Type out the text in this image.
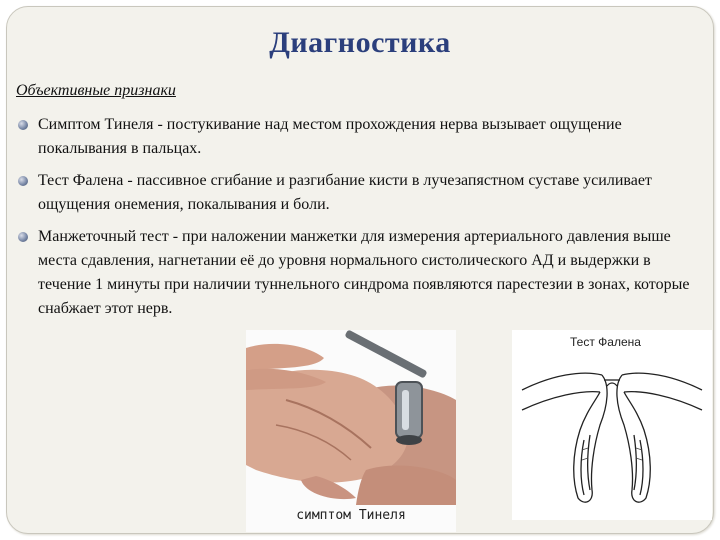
Диагностика
Объективные признаки
Симптом Тинеля - постукивание над местом прохождения нерва вызывает ощущение покалывания в пальцах.
Тест Фалена - пассивное сгибание и разгибание кисти в лучезапястном суставе усиливает ощущения онемения, покалывания и боли.
Манжеточный тест - при наложении манжетки для измерения артериального давления выше места сдавления, нагнетании её до уровня нормального систолического АД и выдержки в течение 1 минуты при наличии туннельного синдрома появляются парестезии в зонах, которые снабжает этот нерв.
симптом Тинеля
Тест Фалена
